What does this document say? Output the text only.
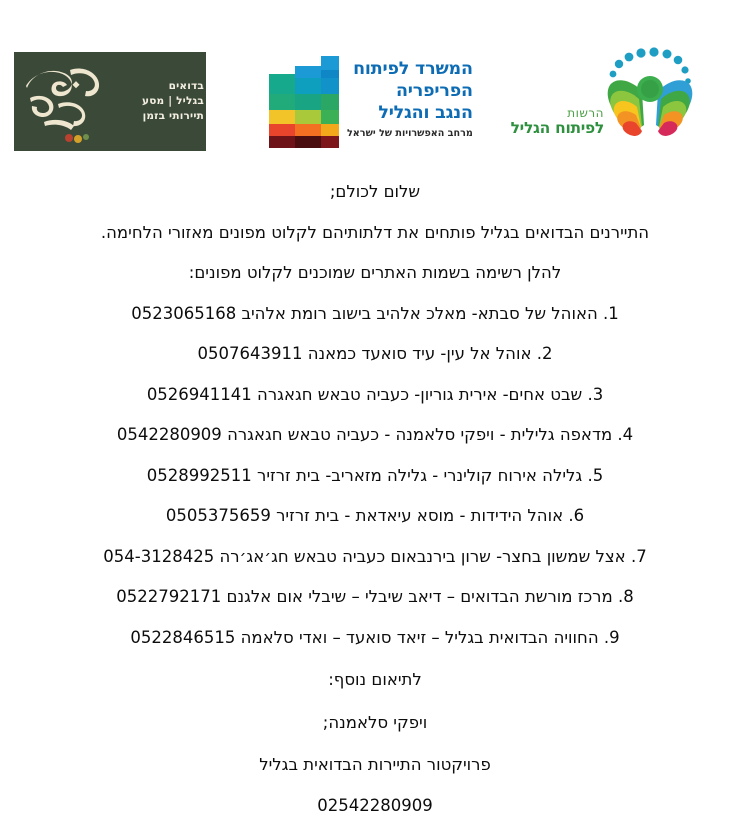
בדואים
בגליל | מסע
תיירותי בזמן
המשרד לפיתוח
הפריפריה
הנגב והגליל
מרחב האפשרויות של ישראל
הרשות
לפיתוח הגליל

שלום לכולם;

התיירנים הבדואים בגליל פותחים את דלתותיהם לקלוט מפונים מאזורי הלחימה.

להלן רשימה בשמות האתרים שמוכנים לקלוט מפונים:

1. האוהל של סבתא- מאלכ אלהיב בישוב רומת אלהיב 0523065168
2. אוהל אל עין- עיד סואעד כמאנה 0507643911
3. שבט אחים- אירית גוריון- כעביה טבאש חגאגרה 0526941141
4. מדאפה גלילית - ויפקי סלאמנה - כעביה טבאש חגאגרה 0542280909
5. גלילה אירוח קולינרי - גלילה מזאריב- בית זרזיר 0528992511
6. אוהל הידידות - מוסא עיאדאת - בית זרזיר 0505375659
7. אצל שמשון בחצר- שרון בירנבאום כעביה טבאש חג׳אג׳רה 054-3128425
8. מרכז מורשת הבדואים – דיאב שיבלי – שיבלי אום אלגנם 0522792171
9. החוויה הבדואית בגליל – זיאד סואעד – ואדי סלאמה 0522846515

לתיאום נוסף:

ויפקי סלאמנה;

פרויקטור התיירות הבדואית בגליל

02542280909
